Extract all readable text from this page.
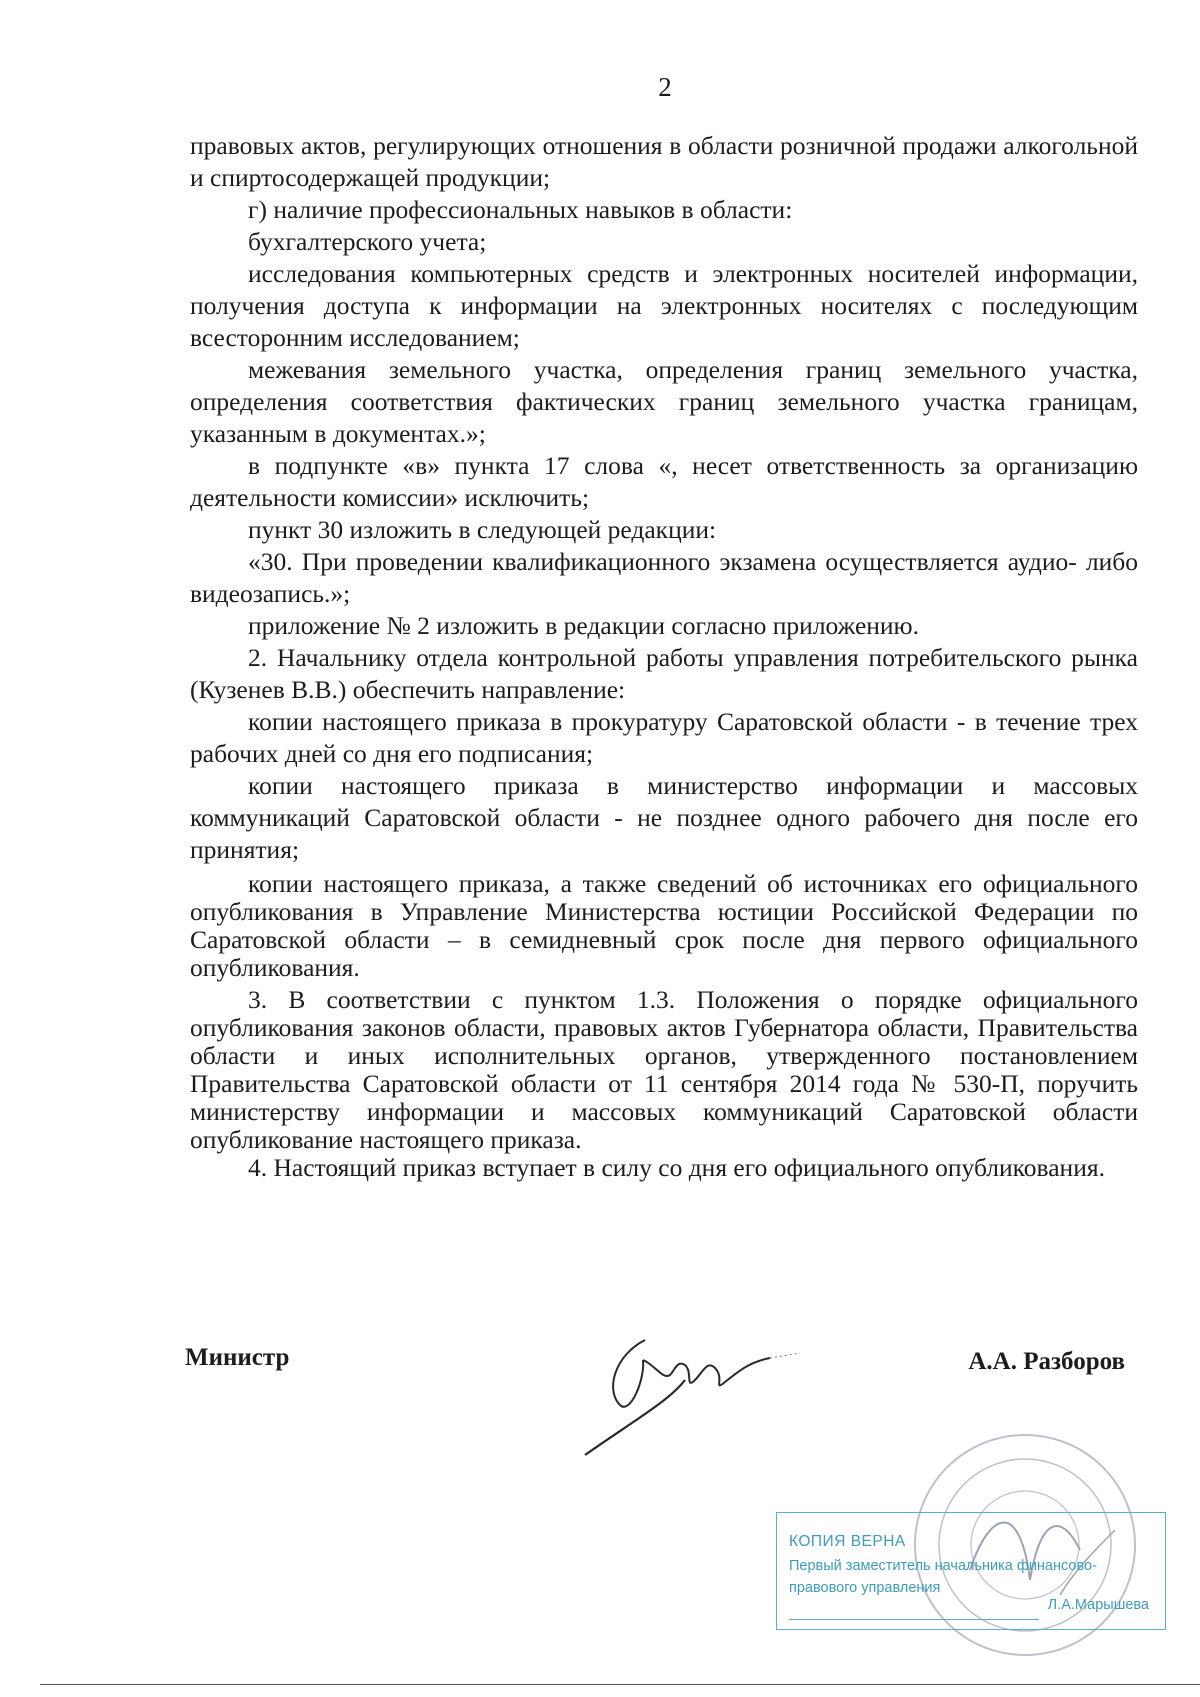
2

правовых актов, регулирующих отношения в области розничной продажи алкогольной и спиртосодержащей продукции;

г) наличие профессиональных навыков в области:

бухгалтерского учета;

исследования компьютерных средств и электронных носителей информации, получения доступа к информации на электронных носителях с последующим всесторонним исследованием;

межевания земельного участка, определения границ земельного участка, определения соответствия фактических границ земельного участка границам, указанным в документах.»;

в подпункте «в» пункта 17 слова «, несет ответственность за организацию деятельности комиссии» исключить;

пункт 30 изложить в следующей редакции:

«30. При проведении квалификационного экзамена осуществляется аудио- либо видеозапись.»;

приложение № 2 изложить в редакции согласно приложению.

2. Начальнику отдела контрольной работы управления потребительского рынка (Кузенев В.В.) обеспечить направление:

копии настоящего приказа в прокуратуру Саратовской области - в течение трех рабочих дней со дня его подписания;

копии настоящего приказа в министерство информации и массовых коммуникаций Саратовской области - не позднее одного рабочего дня после его принятия;

копии настоящего приказа, а также сведений об источниках его официального опубликования в Управление Министерства юстиции Российской Федерации по Саратовской области – в семидневный срок после дня первого официального опубликования.

3. В соответствии с пунктом 1.3. Положения о порядке официального опубликования законов области, правовых актов Губернатора области, Правительства области и иных исполнительных органов, утвержденного постановлением Правительства Саратовской области от 11 сентября 2014 года № 530-П, поручить министерству информации и массовых коммуникаций Саратовской области опубликование настоящего приказа.

4. Настоящий приказ вступает в силу со дня его официального опубликования.

Министр	А.А. Разборов
КОПИЯ ВЕРНА
Первый заместитель начальника финансово-правового управления
Л.А.Марышева
